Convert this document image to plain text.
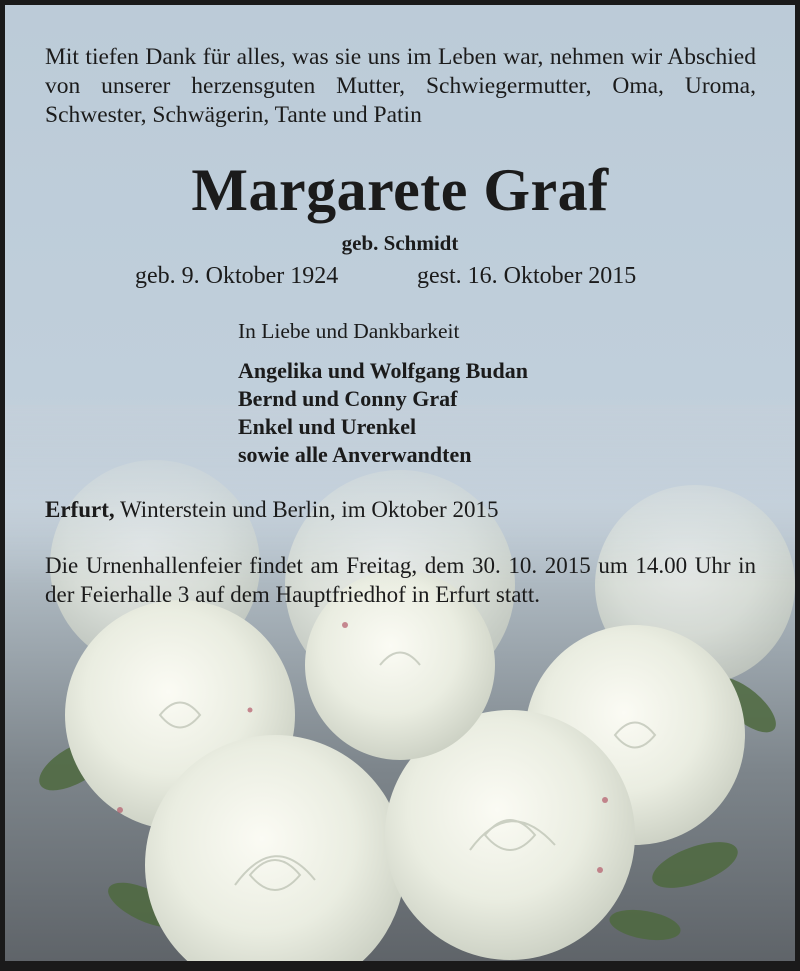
Mit tiefen Dank für alles, was sie uns im Leben war, nehmen wir Abschied von unserer herzensguten Mutter, Schwiegermutter, Oma, Uroma, Schwester, Schwägerin, Tante und Patin
Margarete Graf
geb. Schmidt
geb. 9. Oktober 1924	gest. 16. Oktober 2015
In Liebe und Dankbarkeit
Angelika und Wolfgang Budan
Bernd und Conny Graf
Enkel und Urenkel
sowie alle Anverwandten
Erfurt, Winterstein und Berlin, im Oktober 2015
Die Urnenhallenfeier findet am Freitag, dem 30. 10. 2015 um 14.00 Uhr in der Feierhalle 3 auf dem Hauptfriedhof in Erfurt statt.
